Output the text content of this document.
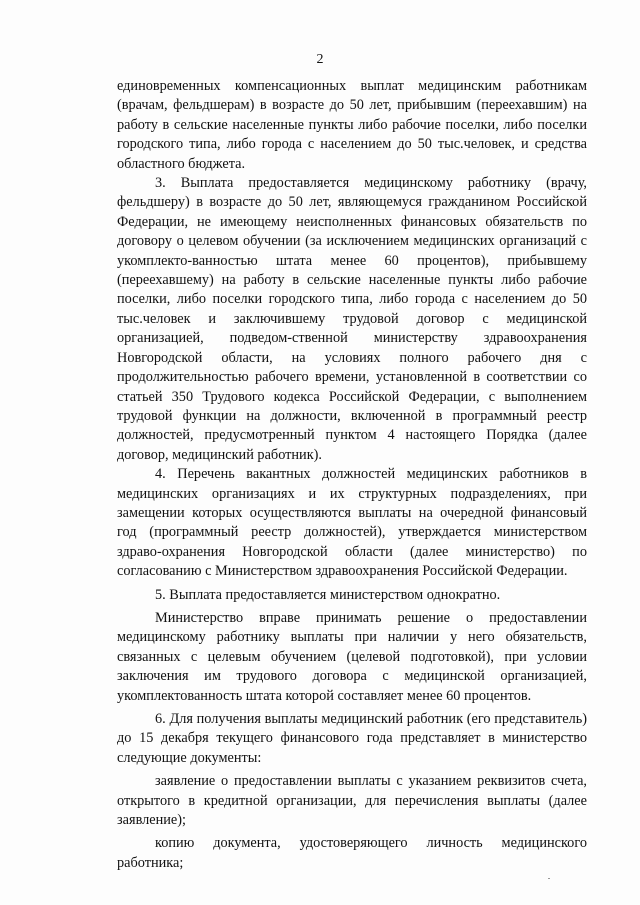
2

единовременных компенсационных выплат медицинским работникам (врачам, фельдшерам) в возрасте до 50 лет, прибывшим (переехавшим) на работу в сельские населенные пункты либо рабочие поселки, либо поселки городского типа, либо города с населением до 50 тыс.человек, и средства областного бюджета.

3. Выплата предоставляется медицинскому работнику (врачу, фельдшеру) в возрасте до 50 лет, являющемуся гражданином Российской Федерации, не имеющему неисполненных финансовых обязательств по договору о целевом обучении (за исключением медицинских организаций с укомплекто-ванностью штата менее 60 процентов), прибывшему (переехавшему) на работу в сельские населенные пункты либо рабочие поселки, либо поселки городского типа, либо города с населением до 50 тыс.человек и заключившему трудовой договор с медицинской организацией, подведом-ственной министерству здравоохранения Новгородской области, на условиях полного рабочего дня с продолжительностью рабочего времени, установленной в соответствии со статьей 350 Трудового кодекса Российской Федерации, с выполнением трудовой функции на должности, включенной в программный реестр должностей, предусмотренный пунктом 4 настоящего Порядка (далее договор, медицинский работник).

4. Перечень вакантных должностей медицинских работников в медицинских организациях и их структурных подразделениях, при замещении которых осуществляются выплаты на очередной финансовый год (программный реестр должностей), утверждается министерством здраво-охранения Новгородской области (далее министерство) по согласованию с Министерством здравоохранения Российской Федерации.

5. Выплата предоставляется министерством однократно.

Министерство вправе принимать решение о предоставлении медицинскому работнику выплаты при наличии у него обязательств, связанных с целевым обучением (целевой подготовкой), при условии заключения им трудового договора с медицинской организацией, укомплектованность штата которой составляет менее 60 процентов.

6. Для получения выплаты медицинский работник (его представитель) до 15 декабря текущего финансового года представляет в министерство следующие документы:

заявление о предоставлении выплаты с указанием реквизитов счета, открытого в кредитной организации, для перечисления выплаты (далее заявление);

копию документа, удостоверяющего личность медицинского работника;
